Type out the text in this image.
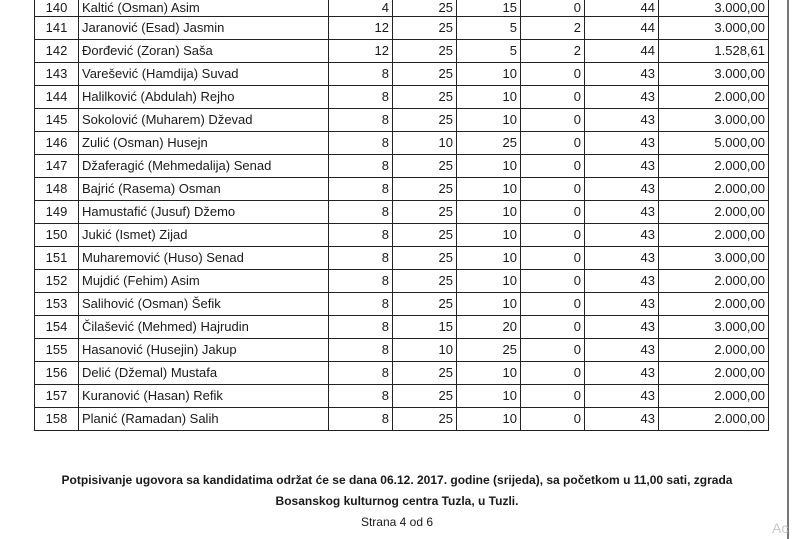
140	Kaltić (Osman) Asim	4	25	15	0	44	3.000,00
141	Jaranović (Esad) Jasmin	12	25	5	2	44	3.000,00
142	Đorđević (Zoran) Saša	12	25	5	2	44	1.528,61
143	Varešević (Hamdija) Suvad	8	25	10	0	43	3.000,00
144	Halilković (Abdulah) Rejho	8	25	10	0	43	2.000,00
145	Sokolović (Muharem) Dževad	8	25	10	0	43	3.000,00
146	Zulić (Osman) Husejn	8	10	25	0	43	5.000,00
147	Džaferagić (Mehmedalija) Senad	8	25	10	0	43	2.000,00
148	Bajrić (Rasema) Osman	8	25	10	0	43	2.000,00
149	Hamustafić (Jusuf) Džemo	8	25	10	0	43	2.000,00
150	Jukić (Ismet) Zijad	8	25	10	0	43	2.000,00
151	Muharemović (Huso) Senad	8	25	10	0	43	3.000,00
152	Mujdić (Fehim) Asim	8	25	10	0	43	2.000,00
153	Salihović (Osman) Šefik	8	25	10	0	43	2.000,00
154	Čilašević (Mehmed) Hajrudin	8	15	20	0	43	3.000,00
155	Hasanović (Husejin) Jakup	8	10	25	0	43	2.000,00
156	Delić (Džemal) Mustafa	8	25	10	0	43	2.000,00
157	Kuranović (Hasan) Refik	8	25	10	0	43	2.000,00
158	Planić (Ramadan) Salih	8	25	10	0	43	2.000,00
Potpisivanje ugovora sa kandidatima održat će se dana 06.12. 2017. godine (srijeda), sa početkom u 11,00 sati, zgrada
Bosanskog kulturnog centra Tuzla, u Tuzli.
Strana 4 od 6	Ac
